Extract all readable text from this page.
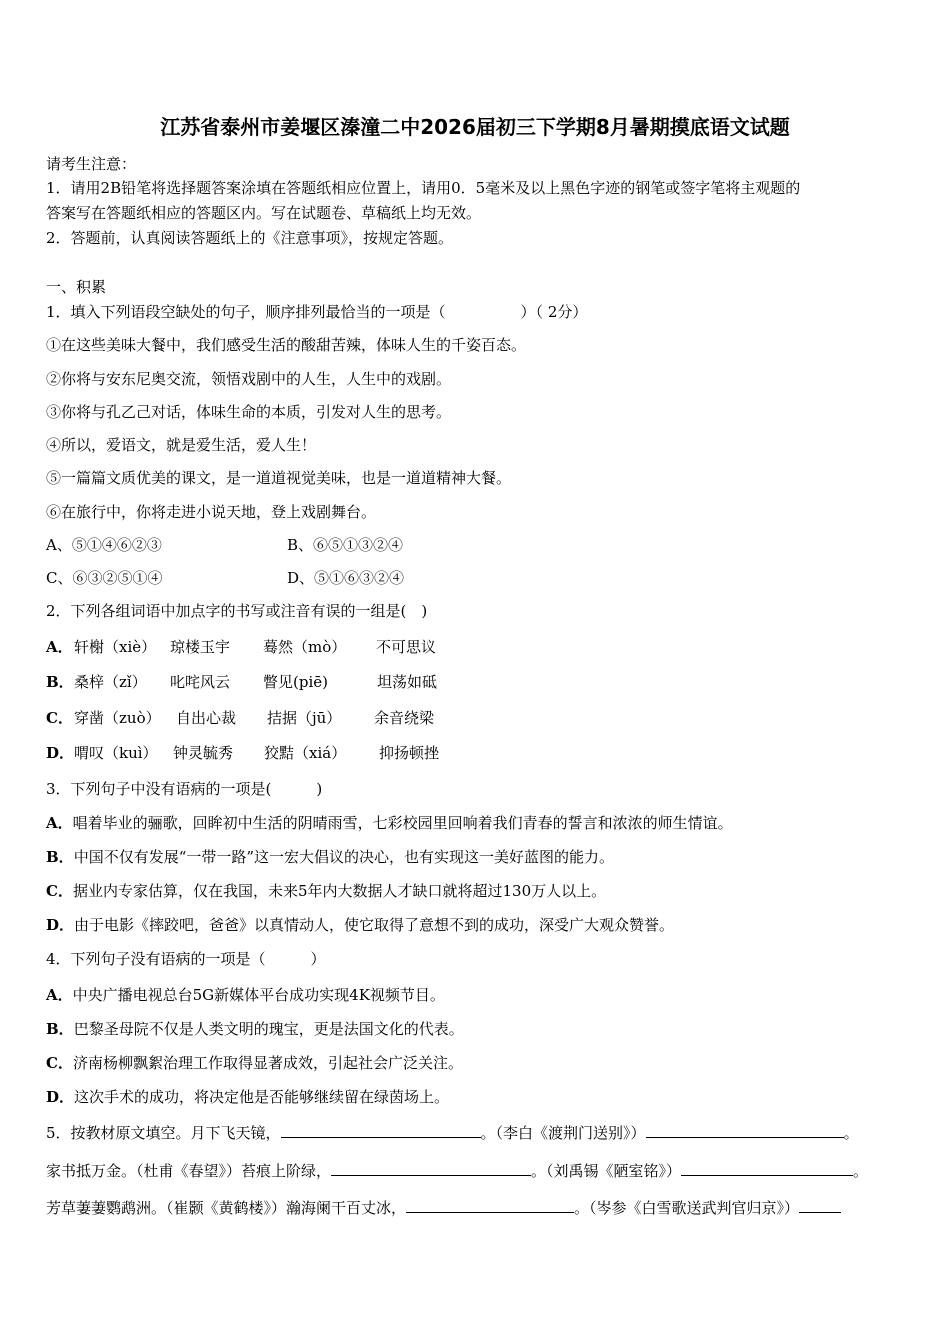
江苏省泰州市姜堰区溱潼二中2026届初三下学期8月暑期摸底语文试题
请考生注意：
1．请用2B铅笔将选择题答案涂填在答题纸相应位置上，请用0．5毫米及以上黑色字迹的钢笔或签字笔将主观题的
答案写在答题纸相应的答题区内。写在试题卷、草稿纸上均无效。
2．答题前，认真阅读答题纸上的《注意事项》，按规定答题。
一、积累
1．填入下列语段空缺处的句子，顺序排列最恰当的一项是（　　　　　）（ 2分）
①在这些美味大餐中，我们感受生活的酸甜苦辣，体味人生的千姿百态。
②你将与安东尼奥交流，领悟戏剧中的人生，人生中的戏剧。
③你将与孔乙己对话，体味生命的本质，引发对人生的思考。
④所以，爱语文，就是爱生活，爱人生！
⑤一篇篇文质优美的课文，是一道道视觉美味，也是一道道精神大餐。
⑥在旅行中，你将走进小说天地，登上戏剧舞台。
A、⑤①④⑥②③	B、⑥⑤①③②④
C、⑥③②⑤①④	D、⑤①⑥③②④
2．下列各组词语中加点字的书写或注音有误的一组是(　)
A． 轩榭（xiè） 琼楼玉宇 蓦然（mò） 不可思议
B． 桑梓（zǐ） 叱咤风云 瞥见(piē)	坦荡如砥
C． 穿凿（zuò） 自出心裁 拮据（jū） 余音绕梁
D． 喟叹（kuì） 钟灵毓秀 狡黠（xiá） 抑扬顿挫
3．下列句子中没有语病的一项是(　　　)
A．唱着毕业的骊歌，回眸初中生活的阴晴雨雪，七彩校园里回响着我们青春的誓言和浓浓的师生情谊。
B．中国不仅有发展“一带一路”这一宏大倡议的决心，也有实现这一美好蓝图的能力。
C．据业内专家估算，仅在我国，未来5年内大数据人才缺口就将超过130万人以上。
D．由于电影《摔跤吧，爸爸》以真情动人，使它取得了意想不到的成功，深受广大观众赞誉。
4．下列句子没有语病的一项是（　　　）
A．中央广播电视总台5G新媒体平台成功实现4K视频节目。
B．巴黎圣母院不仅是人类文明的瑰宝，更是法国文化的代表。
C．济南杨柳飘絮治理工作取得显著成效，引起社会广泛关注。
D．这次手术的成功，将决定他是否能够继续留在绿茵场上。
5．按教材原文填空。月下飞天镜，	。（李白《渡荆门送别》）	。
家书抵万金。（杜甫《春望》）苔痕上阶绿，	。（刘禹锡《陋室铭》）	。
芳草萋萋鹦鹉洲。（崔颢《黄鹤楼》）瀚海阑干百丈冰，	。（岑参《白雪歌送武判官归京》）
